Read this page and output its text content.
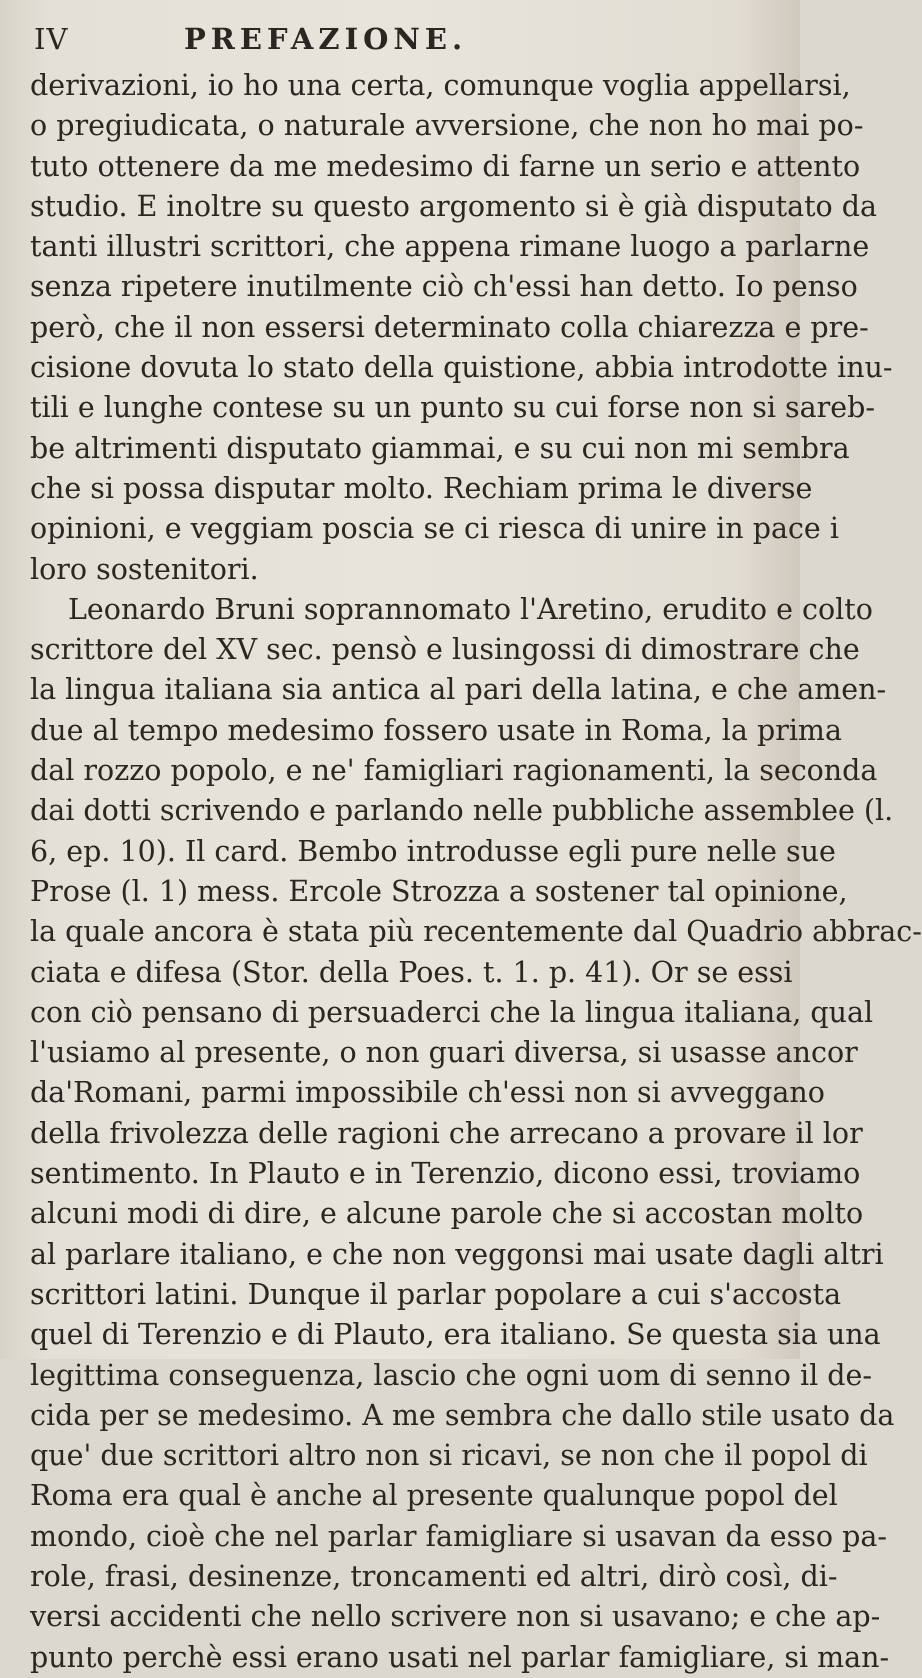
IV	PREFAZIONE.
derivazioni, io ho una certa, comunque voglia appellarsi,
o pregiudicata, o naturale avversione, che non ho mai po-
tuto ottenere da me medesimo di farne un serio e attento
studio. E inoltre su questo argomento si è già disputato da
tanti illustri scrittori, che appena rimane luogo a parlarne
senza ripetere inutilmente ciò ch'essi han detto. Io penso
però, che il non essersi determinato colla chiarezza e pre-
cisione dovuta lo stato della quistione, abbia introdotte inu-
tili e lunghe contese su un punto su cui forse non si sareb-
be altrimenti disputato giammai, e su cui non mi sembra
che si possa disputar molto. Rechiam prima le diverse
opinioni, e veggiam poscia se ci riesca di unire in pace i
loro sostenitori.
Leonardo Bruni soprannomato l'Aretino, erudito e colto
scrittore del XV sec. pensò e lusingossi di dimostrare che
la lingua italiana sia antica al pari della latina, e che amen-
due al tempo medesimo fossero usate in Roma, la prima
dal rozzo popolo, e ne' famigliari ragionamenti, la seconda
dai dotti scrivendo e parlando nelle pubbliche assemblee (l.
6, ep. 10). Il card. Bembo introdusse egli pure nelle sue
Prose (l. 1) mess. Ercole Strozza a sostener tal opinione,
la quale ancora è stata più recentemente dal Quadrio abbrac-
ciata e difesa (Stor. della Poes. t. 1. p. 41). Or se essi
con ciò pensano di persuaderci che la lingua italiana, qual
l'usiamo al presente, o non guari diversa, si usasse ancor
da'Romani, parmi impossibile ch'essi non si avveggano
della frivolezza delle ragioni che arrecano a provare il lor
sentimento. In Plauto e in Terenzio, dicono essi, troviamo
alcuni modi di dire, e alcune parole che si accostan molto
al parlare italiano, e che non veggonsi mai usate dagli altri
scrittori latini. Dunque il parlar popolare a cui s'accosta
quel di Terenzio e di Plauto, era italiano. Se questa sia una
legittima conseguenza, lascio che ogni uom di senno il de-
cida per se medesimo. A me sembra che dallo stile usato da
que' due scrittori altro non si ricavi, se non che il popol di
Roma era qual è anche al presente qualunque popol del
mondo, cioè che nel parlar famigliare si usavan da esso pa-
role, frasi, desinenze, troncamenti ed altri, dirò così, di-
versi accidenti che nello scrivere non si usavano; e che ap-
punto perchè essi erano usati nel parlar famigliare, si man-
